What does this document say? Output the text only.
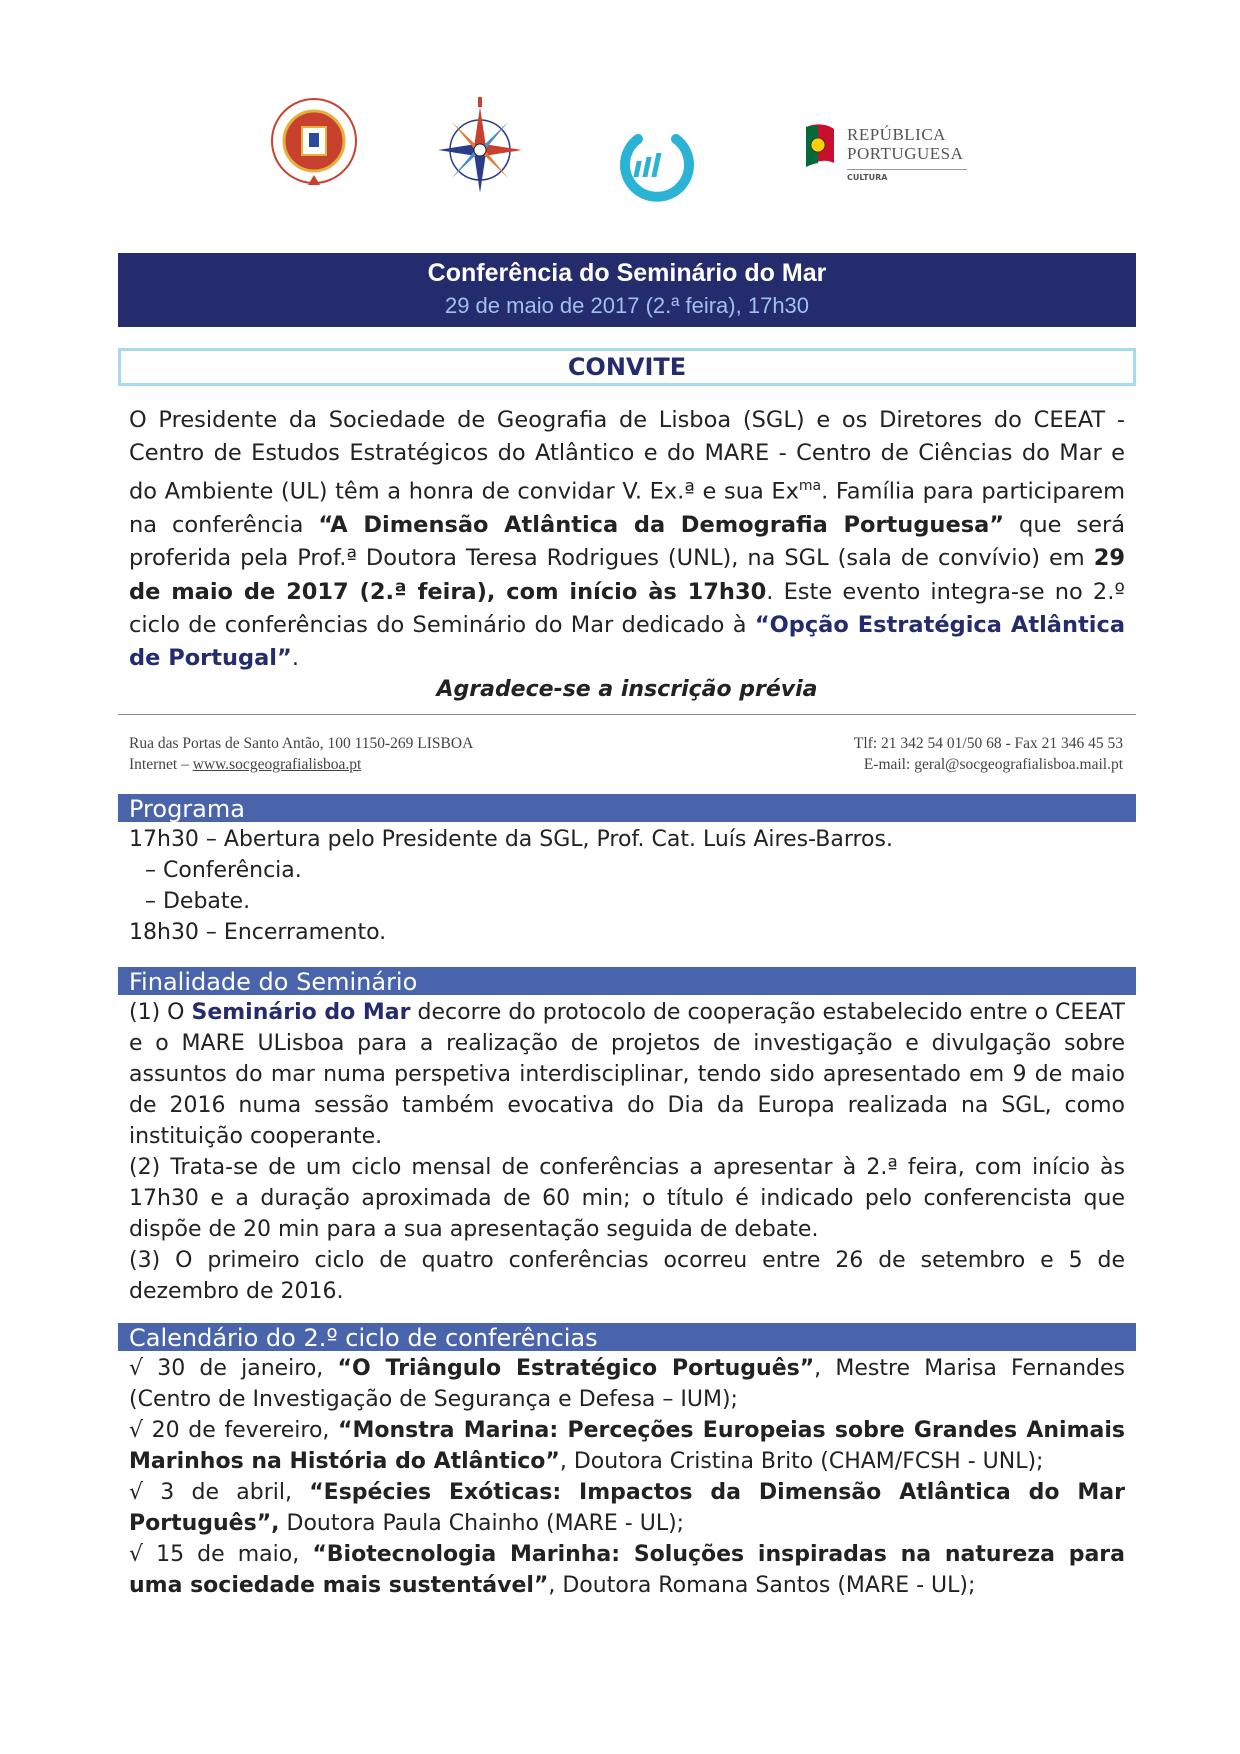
REPÚBLICA
PORTUGUESA
CULTURA
Conferência do Seminário do Mar
29 de maio de 2017 (2.ª feira), 17h30
CONVITE
O Presidente da Sociedade de Geografia de Lisboa (SGL) e os Diretores do CEEAT - Centro de Estudos Estratégicos do Atlântico e do MARE - Centro de Ciências do Mar e do Ambiente (UL) têm a honra de convidar V. Ex.ª e sua $Ex^{ma}$. Família para participarem na conferência “A Dimensão Atlântica da Demografia Portuguesa” que será proferida pela Prof.ª Doutora Teresa Rodrigues (UNL), na SGL (sala de convívio) em 29 de maio de 2017 (2.ª feira), com início às 17h30. Este evento integra-se no 2.º ciclo de conferências do Seminário do Mar dedicado à “Opção Estratégica Atlântica de Portugal”.
Agradece-se a inscrição prévia
Rua das Portas de Santo Antão, 100 1150-269 LISBOA
Internet – www.socgeografialisboa.pt
Tlf: 21 342 54 01/50 68 - Fax 21 346 45 53
E-mail: geral@socgeografialisboa.mail.pt
Programa
17h30 – Abertura pelo Presidente da SGL, Prof. Cat. Luís Aires-Barros.
– Conferência.
– Debate.
18h30 – Encerramento.
Finalidade do Seminário
(1) O Seminário do Mar decorre do protocolo de cooperação estabelecido entre o CEEAT e o MARE ULisboa para a realização de projetos de investigação e divulgação sobre assuntos do mar numa perspetiva interdisciplinar, tendo sido apresentado em 9 de maio de 2016 numa sessão também evocativa do Dia da Europa realizada na SGL, como instituição cooperante.
(2) Trata-se de um ciclo mensal de conferências a apresentar à 2.ª feira, com início às 17h30 e a duração aproximada de 60 min; o título é indicado pelo conferencista que dispõe de 20 min para a sua apresentação seguida de debate.
(3) O primeiro ciclo de quatro conferências ocorreu entre 26 de setembro e 5 de dezembro de 2016.
Calendário do 2.º ciclo de conferências
√ 30 de janeiro, “O Triângulo Estratégico Português”, Mestre Marisa Fernandes (Centro de Investigação de Segurança e Defesa – IUM);
√ 20 de fevereiro, “Monstra Marina: Perceções Europeias sobre Grandes Animais Marinhos na História do Atlântico”, Doutora Cristina Brito (CHAM/FCSH - UNL);
√ 3 de abril, “Espécies Exóticas: Impactos da Dimensão Atlântica do Mar Português”, Doutora Paula Chainho (MARE - UL);
√ 15 de maio, “Biotecnologia Marinha: Soluções inspiradas na natureza para uma sociedade mais sustentável”, Doutora Romana Santos (MARE - UL);
